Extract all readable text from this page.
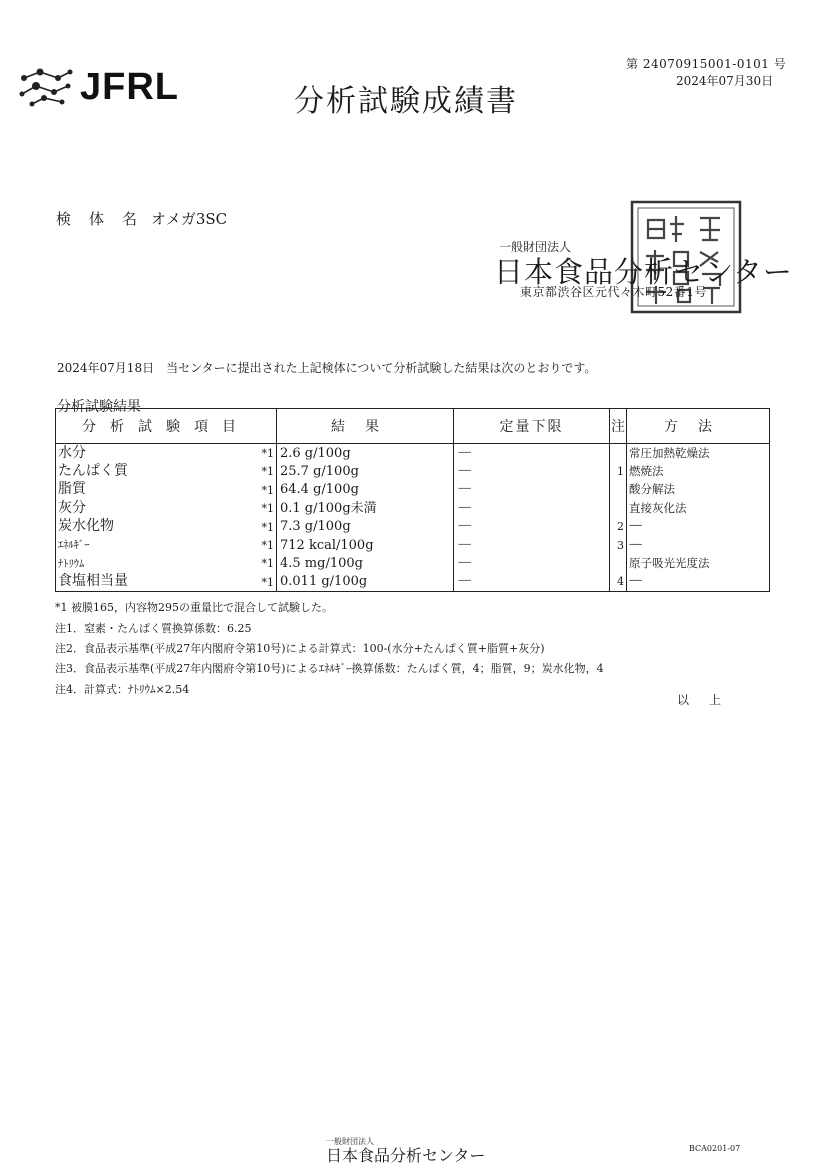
JFRL	分析試験成績書
第 24070915001-0101 号
2024年07月30日
検体名
オメガ3SC
一般財団法人
日本食品分析センター
東京都渋谷区元代々木町52番1号
2024年07月18日　当センターに提出された上記検体について分析試験した結果は次のとおりです。
分析試験結果
分析試験項目	結果	定量下限	注	方法
水分 *1	2.6 g/100g	------		常圧加熱乾燥法
たんぱく質 *1	25.7 g/100g	------	1	燃焼法
脂質 *1	64.4 g/100g	------		酸分解法
灰分 *1	0.1 g/100g未満	------		直接灰化法
炭水化物 *1	7.3 g/100g	------	2	------
ｴﾈﾙｷﾞｰ *1	712 kcal/100g	------	3	------
ﾅﾄﾘｳﾑ *1	4.5 mg/100g	------		原子吸光光度法
食塩相当量 *1	0.011 g/100g	------	4	------
*1 被膜165，内容物295の重量比で混合して試験した。
注1．窒素・たんぱく質換算係数：6.25
注2．食品表示基準(平成27年内閣府令第10号)による計算式：100-(水分+たんぱく質+脂質+灰分)
注3．食品表示基準(平成27年内閣府令第10号)によるｴﾈﾙｷﾞｰ換算係数：たんぱく質，4；脂質，9；炭水化物，4
注4．計算式：ﾅﾄﾘｳﾑ×2.54
以上
一般財団法人
日本食品分析センター	BCA0201-07
